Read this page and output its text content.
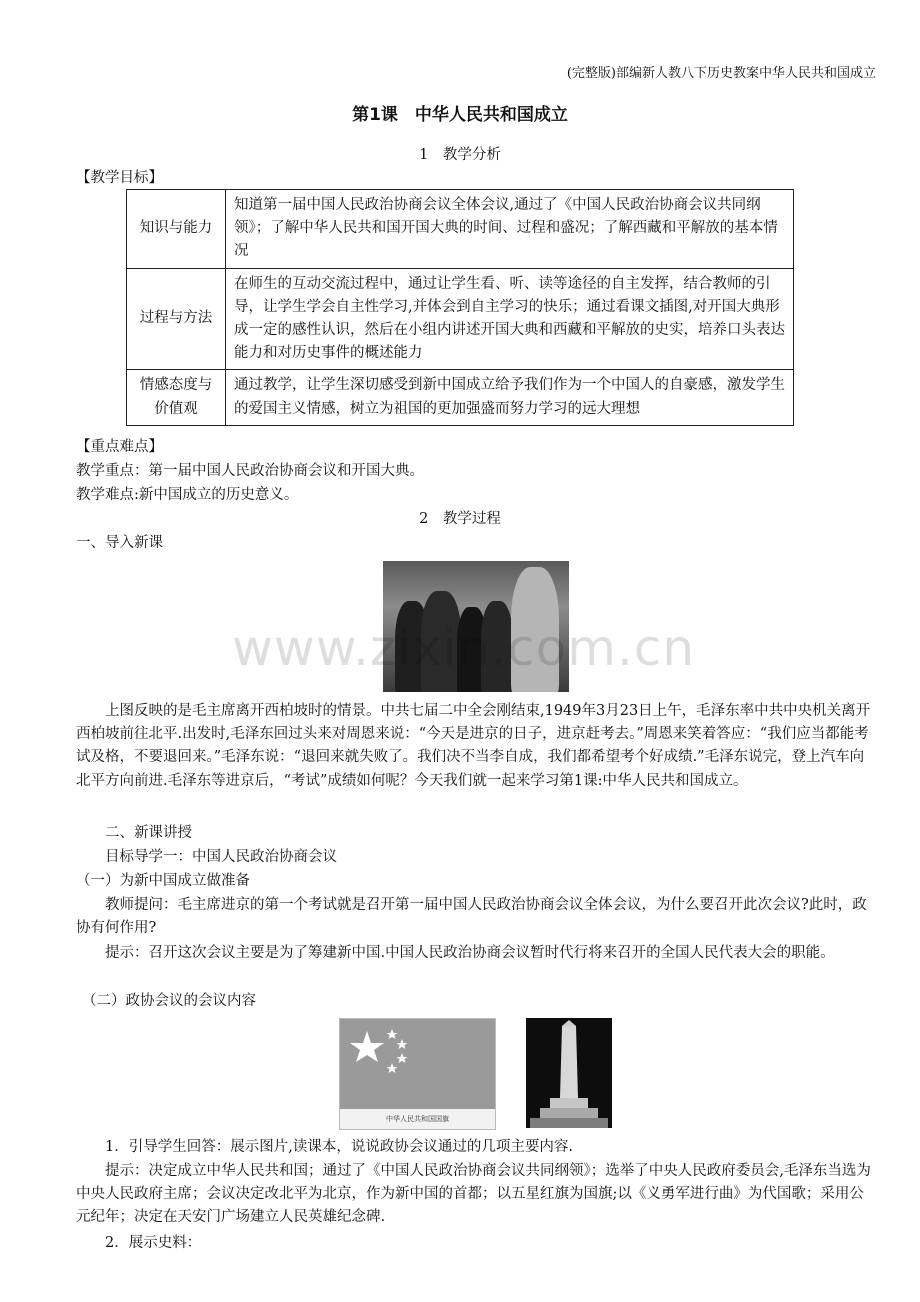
(完整版)部编新人教八下历史教案中华人民共和国成立
第1课　中华人民共和国成立
1　教学分析
【教学目标】
知识与能力	知道第一届中国人民政治协商会议全体会议,通过了《中国人民政治协商会议共同纲领》；了解中华人民共和国开国大典的时间、过程和盛况；了解西藏和平解放的基本情况
过程与方法	在师生的互动交流过程中，通过让学生看、听、读等途径的自主发挥，结合教师的引导，让学生学会自主性学习,并体会到自主学习的快乐；通过看课文插图,对开国大典形成一定的感性认识，然后在小组内讲述开国大典和西藏和平解放的史实，培养口头表达能力和对历史事件的概述能力
情感态度与价值观	通过教学，让学生深切感受到新中国成立给予我们作为一个中国人的自豪感，激发学生的爱国主义情感，树立为祖国的更加强盛而努力学习的远大理想
【重点难点】
教学重点：第一届中国人民政治协商会议和开国大典。
教学难点:新中国成立的历史意义。
2　教学过程
一、导入新课
www.zixin.com.cn
上图反映的是毛主席离开西柏坡时的情景。中共七届二中全会刚结束,1949年3月23日上午，毛泽东率中共中央机关离开西柏坡前往北平.出发时,毛泽东回过头来对周恩来说：“今天是进京的日子，进京赶考去。”周恩来笑着答应：“我们应当都能考试及格，不要退回来。”毛泽东说：“退回来就失败了。我们决不当李自成，我们都希望考个好成绩.”毛泽东说完，登上汽车向北平方向前进.毛泽东等进京后，“考试”成绩如何呢？今天我们就一起来学习第1课:中华人民共和国成立。
二、新课讲授
目标导学一：中国人民政治协商会议
（一）为新中国成立做准备
教师提问：毛主席进京的第一个考试就是召开第一届中国人民政治协商会议全体会议，为什么要召开此次会议?此时，政协有何作用?
提示：召开这次会议主要是为了筹建新中国.中国人民政治协商会议暂时代行将来召开的全国人民代表大会的职能。
（二）政协会议的会议内容
中华人民共和国国旗
1．引导学生回答：展示图片,读课本，说说政协会议通过的几项主要内容.
提示：决定成立中华人民共和国；通过了《中国人民政治协商会议共同纲领》；选举了中央人民政府委员会,毛泽东当选为中央人民政府主席；会议决定改北平为北京，作为新中国的首都；以五星红旗为国旗;以《义勇军进行曲》为代国歌；采用公元纪年；决定在天安门广场建立人民英雄纪念碑.
2．展示史料：
